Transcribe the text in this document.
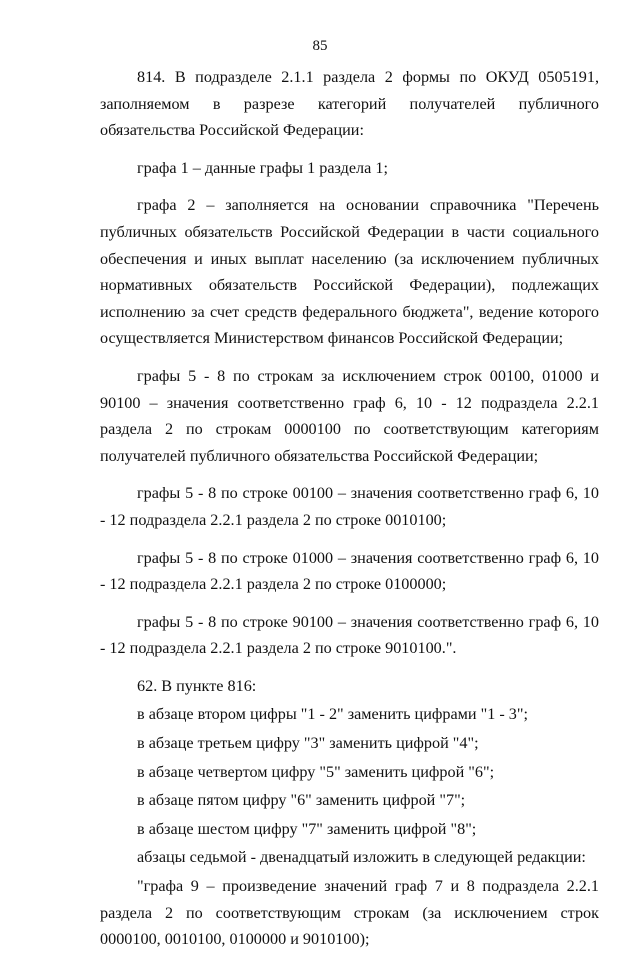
85

814. В подразделе 2.1.1 раздела 2 формы по ОКУД 0505191, заполняемом в разрезе категорий получателей публичного обязательства Российской Федерации:

графа 1 – данные графы 1 раздела 1;

графа 2 – заполняется на основании справочника "Перечень публичных обязательств Российской Федерации в части социального обеспечения и иных выплат населению (за исключением публичных нормативных обязательств Российской Федерации), подлежащих исполнению за счет средств федерального бюджета", ведение которого осуществляется Министерством финансов Российской Федерации;

графы 5 - 8 по строкам за исключением строк 00100, 01000 и 90100 – значения соответственно граф 6, 10 - 12 подраздела 2.2.1 раздела 2 по строкам 0000100 по соответствующим категориям получателей публичного обязательства Российской Федерации;

графы 5 - 8 по строке 00100 – значения соответственно граф 6, 10 - 12 подраздела 2.2.1 раздела 2 по строке 0010100;

графы 5 - 8 по строке 01000 – значения соответственно граф 6, 10 - 12 подраздела 2.2.1 раздела 2 по строке 0100000;

графы 5 - 8 по строке 90100 – значения соответственно граф 6, 10 - 12 подраздела 2.2.1 раздела 2 по строке 9010100.".

62. В пункте 816:

в абзаце втором цифры "1 - 2" заменить цифрами "1 - 3";

в абзаце третьем цифру "3" заменить цифрой "4";

в абзаце четвертом цифру "5" заменить цифрой "6";

в абзаце пятом цифру "6" заменить цифрой "7";

в абзаце шестом цифру "7" заменить цифрой "8";

абзацы седьмой - двенадцатый изложить в следующей редакции:

"графа 9 – произведение значений граф 7 и 8 подраздела 2.2.1 раздела 2 по соответствующим строкам (за исключением строк 0000100, 0010100, 0100000 и 9010100);
